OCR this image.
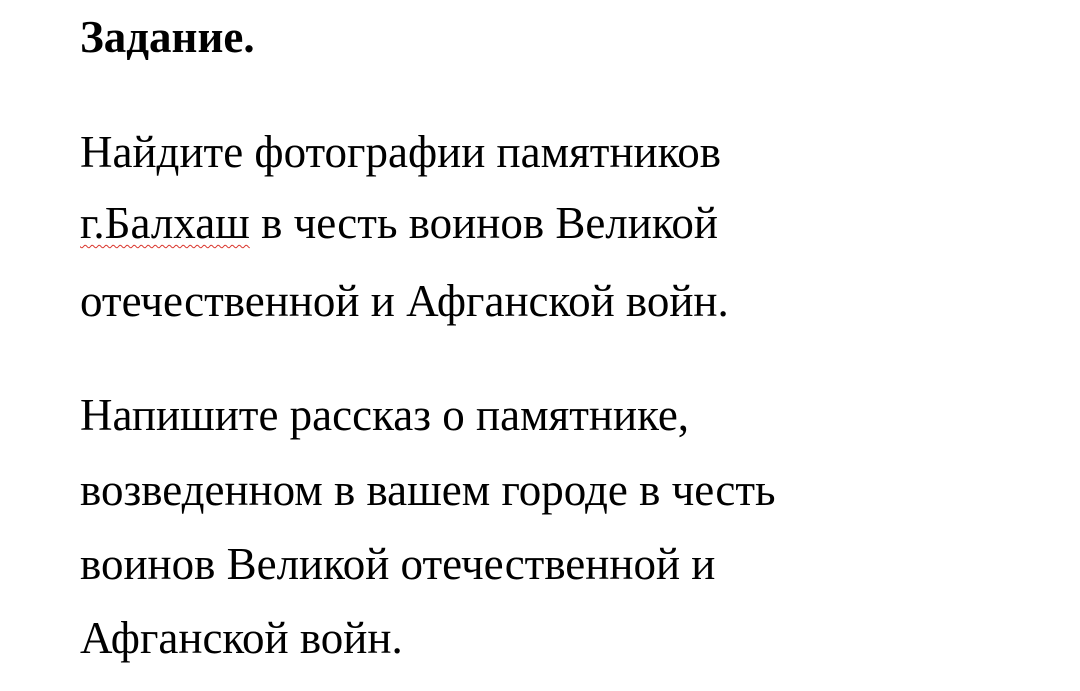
Задание.
Найдите фотографии памятников
г.Балхаш в честь воинов Великой
отечественной и Афганской войн.
Напишите рассказ о памятнике,
возведенном в вашем городе в честь
воинов Великой отечественной и
Афганской войн.
